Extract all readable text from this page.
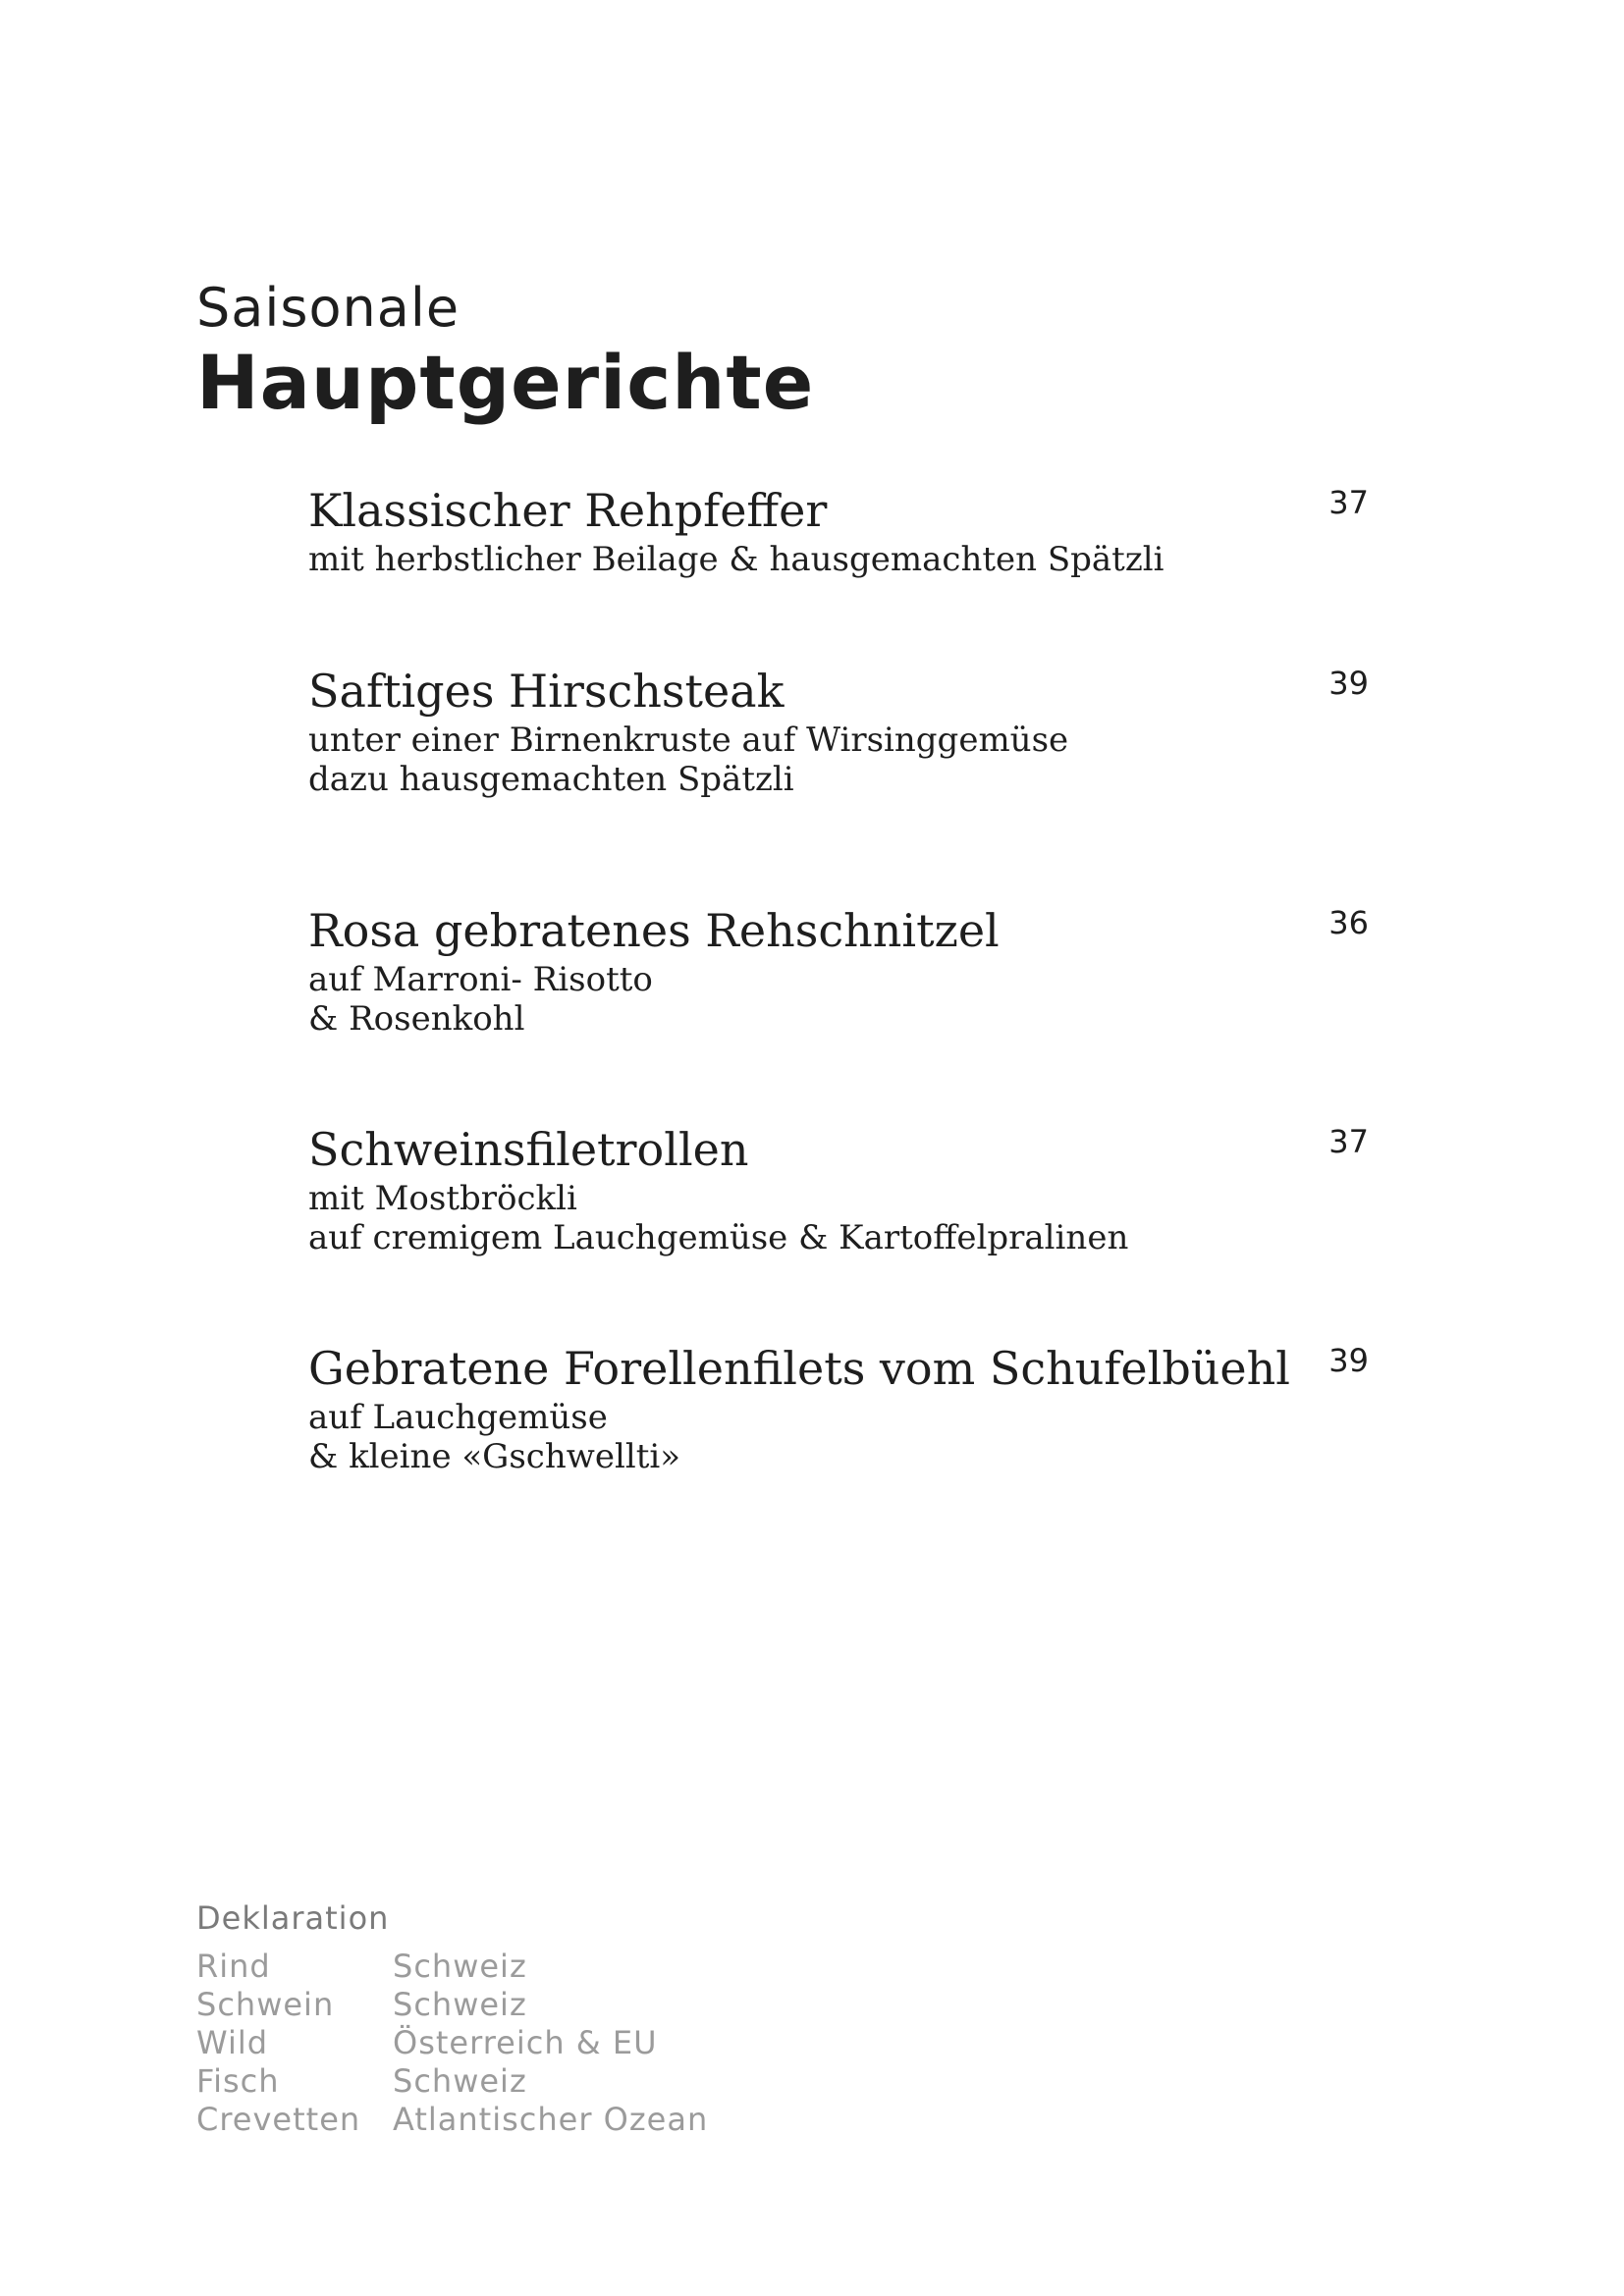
Saisonale
Hauptgerichte
Klassischer Rehpfeffer
mit herbstlicher Beilage & hausgemachten Spätzli
37
Saftiges Hirschsteak
unter einer Birnenkruste auf Wirsinggemüse
dazu hausgemachten Spätzli
39
Rosa gebratenes Rehschnitzel
auf Marroni- Risotto
& Rosenkohl
36
Schweinsfiletrollen
mit Mostbröckli
auf cremigem Lauchgemüse & Kartoffelpralinen
37
Gebratene Forellenfilets vom Schufelbüehl
auf Lauchgemüse
& kleine «Gschwellti»
39
Deklaration
Rind	Schweiz
Schwein	Schweiz
Wild	Österreich & EU
Fisch	Schweiz
Crevetten	Atlantischer Ozean
